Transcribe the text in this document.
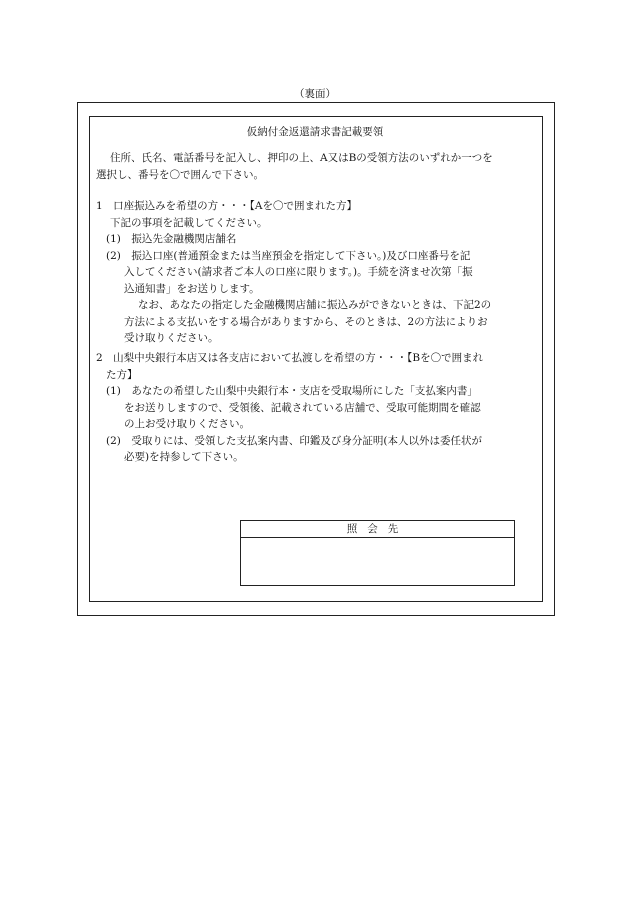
（裏面）
仮納付金返還請求書記載要領
住所、氏名、電話番号を記入し、押印の上、A又はBの受領方法のいずれか一つを
選択し、番号を〇で囲んで下さい。
1　口座振込みを希望の方・・・【Aを〇で囲まれた方】
下記の事項を記載してください。
(1)　振込先金融機関店舗名
(2)　振込口座(普通預金または当座預金を指定して下さい。)及び口座番号を記
入してください(請求者ご本人の口座に限ります。)。手続を済ませ次第「振
込通知書」をお送りします。
なお、あなたの指定した金融機関店舗に振込みができないときは、下記2の
方法による支払いをする場合がありますから、そのときは、2の方法によりお
受け取りください。
2　山梨中央銀行本店又は各支店において払渡しを希望の方・・・【Bを〇で囲まれ
た方】
(1)　あなたの希望した山梨中央銀行本・支店を受取場所にした「支払案内書」
をお送りしますので、受領後、記載されている店舗で、受取可能期間を確認
の上お受け取りください。
(2)　受取りには、受領した支払案内書、印鑑及び身分証明(本人以外は委任状が
必要)を持参して下さい。
照会先
